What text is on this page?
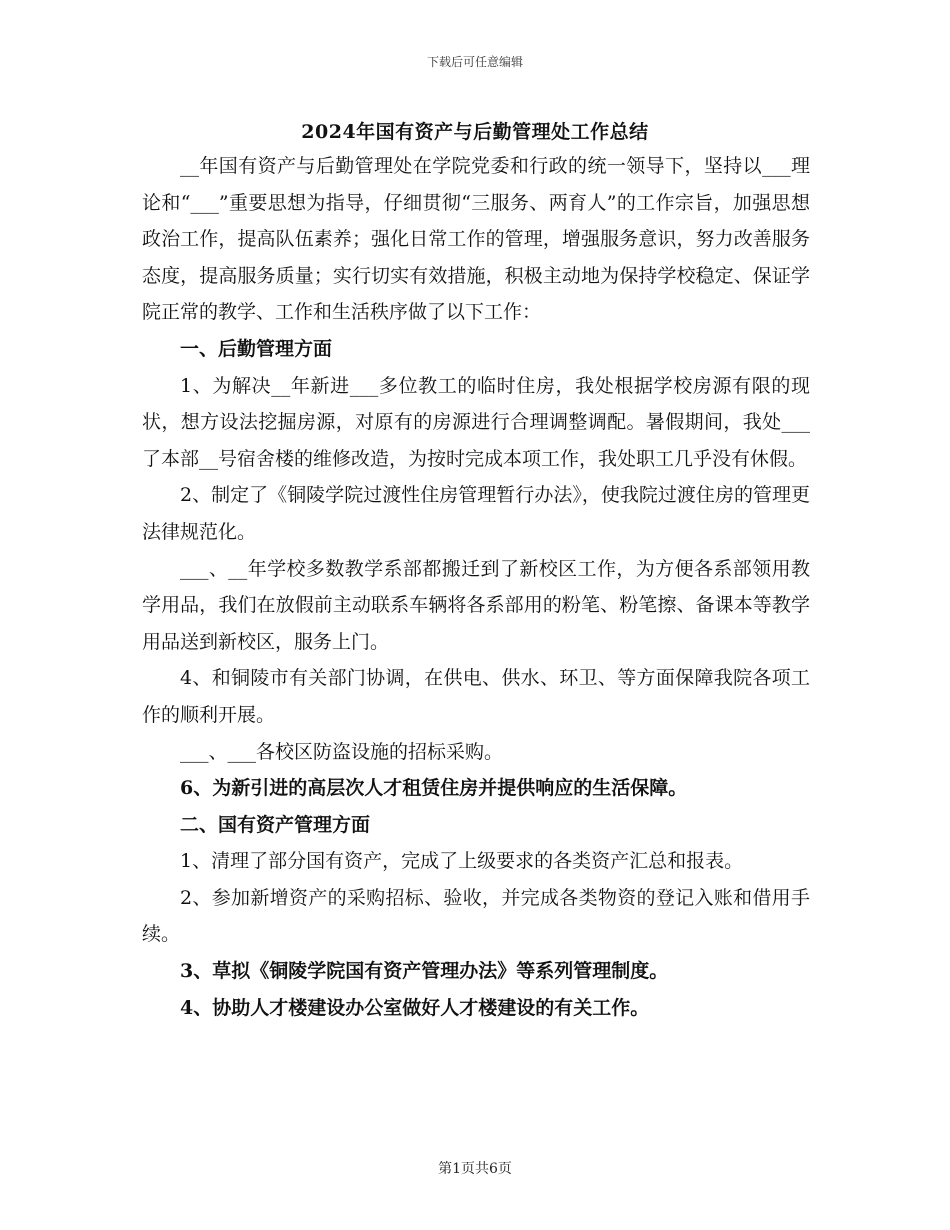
下载后可任意编辑
2024年国有资产与后勤管理处工作总结

__年国有资产与后勤管理处在学院党委和行政的统一领导下，坚持以___理论和“___”重要思想为指导，仔细贯彻“三服务、两育人”的工作宗旨，加强思想政治工作，提高队伍素养；强化日常工作的管理，增强服务意识，努力改善服务态度，提高服务质量；实行切实有效措施，积极主动地为保持学校稳定、保证学院正常的教学、工作和生活秩序做了以下工作：

一、后勤管理方面

1、为解决__年新进___多位教工的临时住房，我处根据学校房源有限的现状，想方设法挖掘房源，对原有的房源进行合理调整调配。暑假期间，我处___了本部__号宿舍楼的维修改造，为按时完成本项工作，我处职工几乎没有休假。

2、制定了《铜陵学院过渡性住房管理暂行办法》，使我院过渡住房的管理更法律规范化。

___、__年学校多数教学系部都搬迁到了新校区工作，为方便各系部领用教学用品，我们在放假前主动联系车辆将各系部用的粉笔、粉笔擦、备课本等教学用品送到新校区，服务上门。

4、和铜陵市有关部门协调，在供电、供水、环卫、等方面保障我院各项工作的顺利开展。

___、___各校区防盗设施的招标采购。

6、为新引进的高层次人才租赁住房并提供响应的生活保障。

二、国有资产管理方面

1、清理了部分国有资产，完成了上级要求的各类资产汇总和报表。

2、参加新增资产的采购招标、验收，并完成各类物资的登记入账和借用手续。

3、草拟《铜陵学院国有资产管理办法》等系列管理制度。

4、协助人才楼建设办公室做好人才楼建设的有关工作。

第1页共6页
